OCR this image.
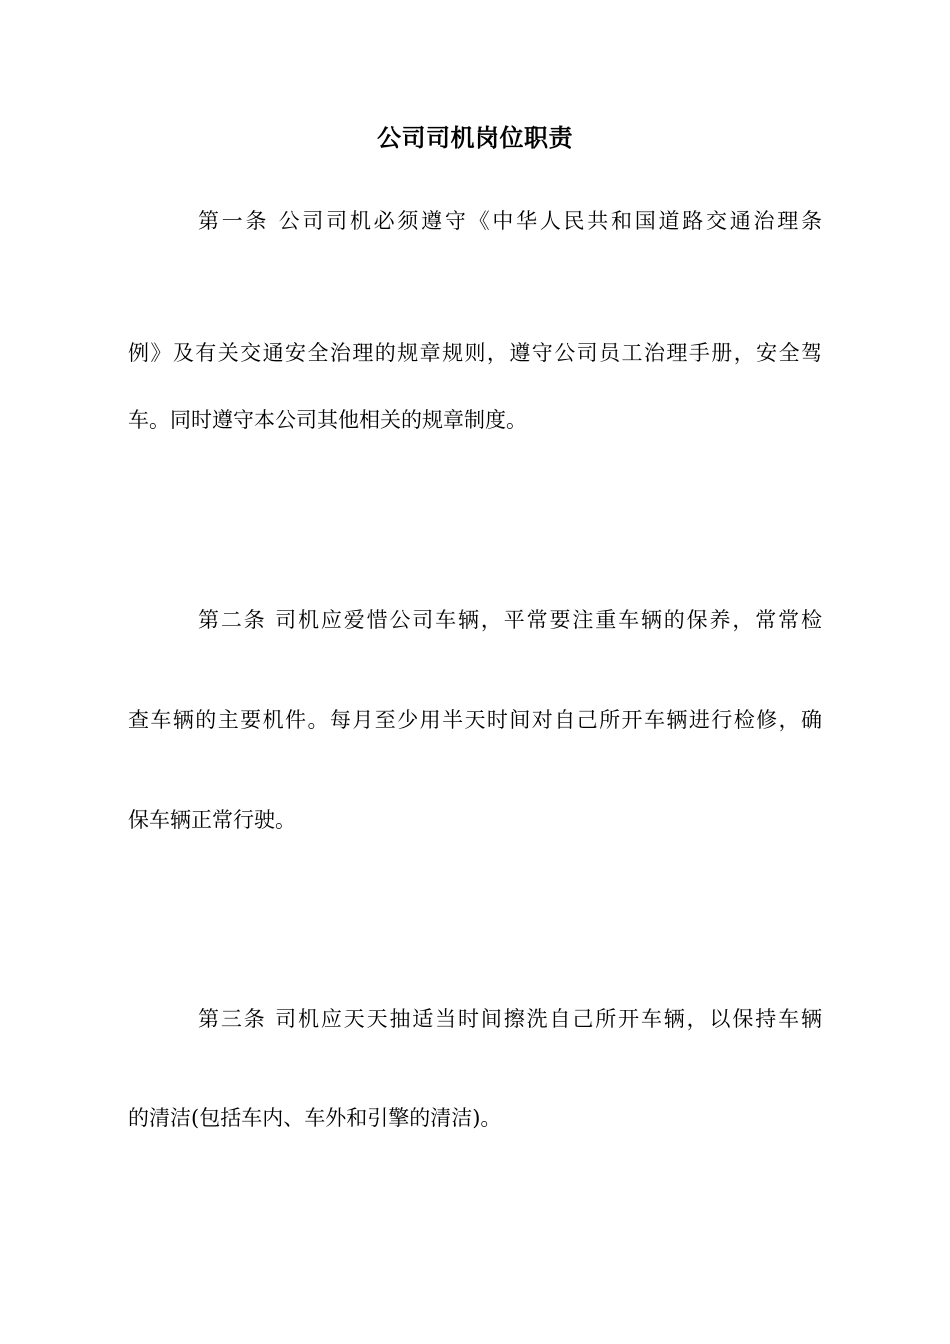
公司司机岗位职责
第一条 公司司机必须遵守《中华人民共和国道路交通治理条
例》及有关交通安全治理的规章规则，遵守公司员工治理手册，安全驾
车。同时遵守本公司其他相关的规章制度。
第二条 司机应爱惜公司车辆，平常要注重车辆的保养，常常检
查车辆的主要机件。每月至少用半天时间对自己所开车辆进行检修，确
保车辆正常行驶。
第三条 司机应天天抽适当时间擦洗自己所开车辆，以保持车辆
的清洁(包括车内、车外和引擎的清洁)。
